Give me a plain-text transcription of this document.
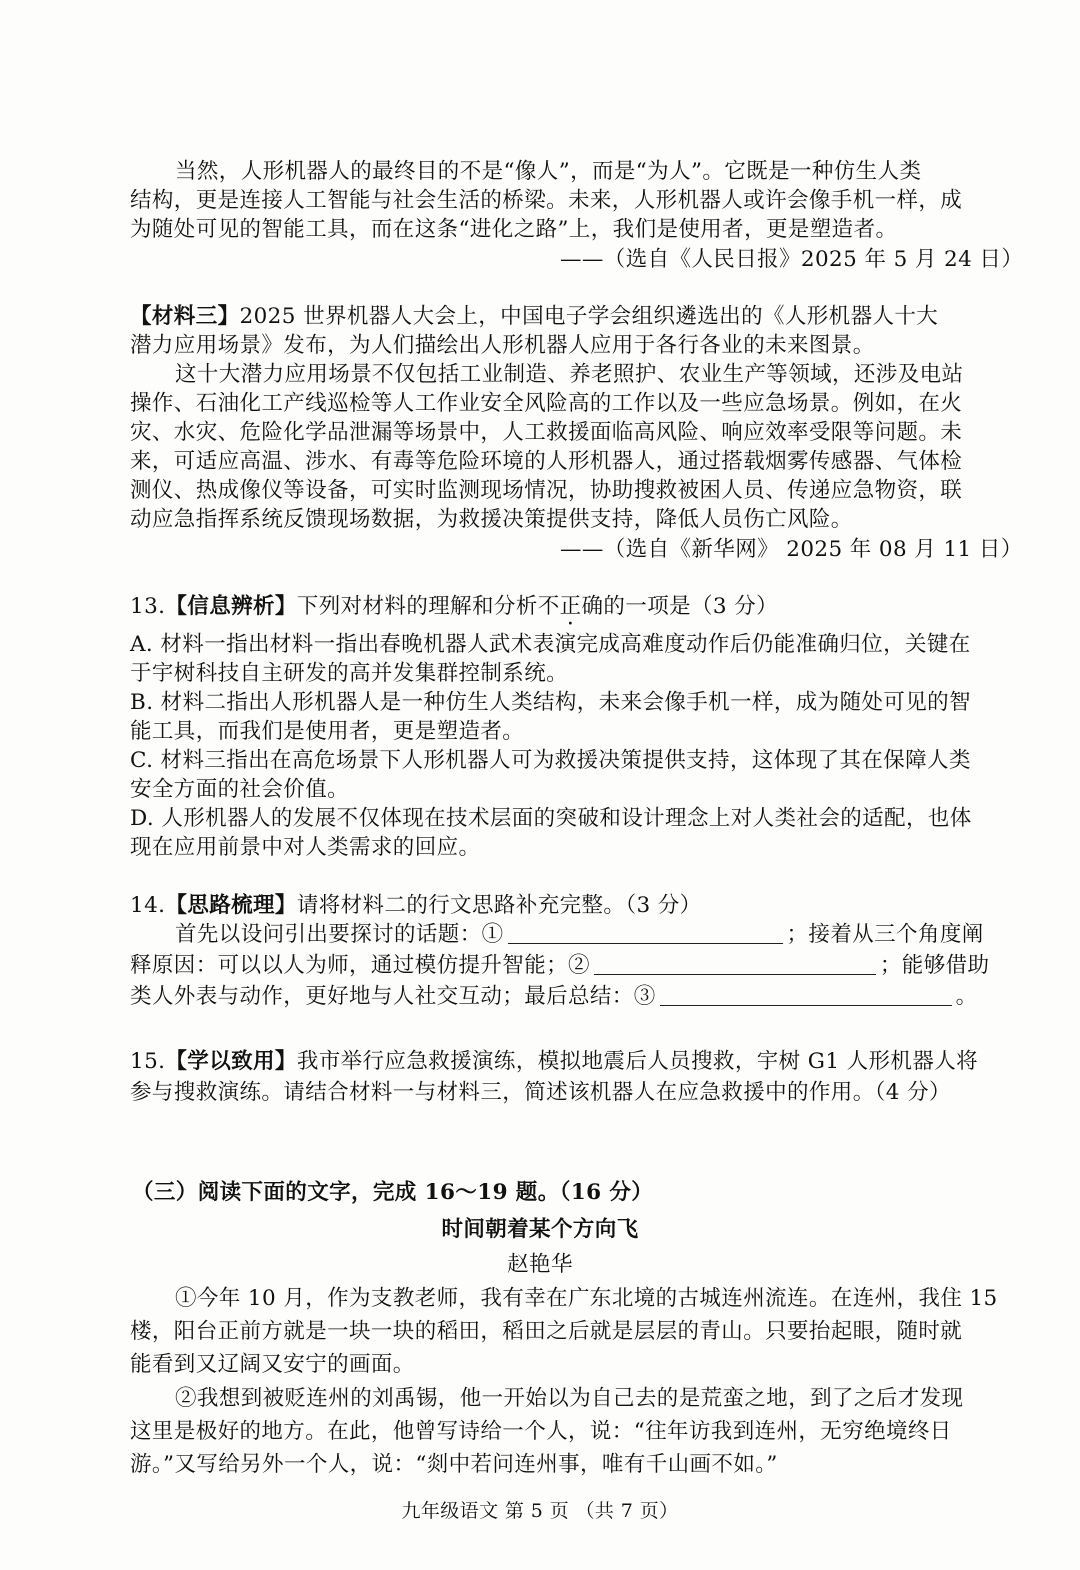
当然，人形机器人的最终目的不是“像人”，而是“为人”。它既是一种仿生人类
结构，更是连接人工智能与社会生活的桥梁。未来，人形机器人或许会像手机一样，成
为随处可见的智能工具，而在这条“进化之路”上，我们是使用者，更是塑造者。
——（选自《人民日报》2025 年 5 月 24 日）
【材料三】2025 世界机器人大会上，中国电子学会组织遴选出的《人形机器人十大
潜力应用场景》发布，为人们描绘出人形机器人应用于各行各业的未来图景。
这十大潜力应用场景不仅包括工业制造、养老照护、农业生产等领域，还涉及电站
操作、石油化工产线巡检等人工作业安全风险高的工作以及一些应急场景。例如，在火
灾、水灾、危险化学品泄漏等场景中，人工救援面临高风险、响应效率受限等问题。未
来，可适应高温、涉水、有毒等危险环境的人形机器人，通过搭载烟雾传感器、气体检
测仪、热成像仪等设备，可实时监测现场情况，协助搜救被困人员、传递应急物资，联
动应急指挥系统反馈现场数据，为救援决策提供支持，降低人员伤亡风险。
——（选自《新华网》 2025 年 08 月 11 日）
13.【信息辨析】下列对材料的理解和分析不正确的一项是（3 分）
A. 材料一指出材料一指出春晚机器人武术表演完成高难度动作后仍能准确归位，关键在
于宇树科技自主研发的高并发集群控制系统。
B. 材料二指出人形机器人是一种仿生人类结构，未来会像手机一样，成为随处可见的智
能工具，而我们是使用者，更是塑造者。
C. 材料三指出在高危场景下人形机器人可为救援决策提供支持，这体现了其在保障人类
安全方面的社会价值。
D. 人形机器人的发展不仅体现在技术层面的突破和设计理念上对人类社会的适配，也体
现在应用前景中对人类需求的回应。
14.【思路梳理】请将材料二的行文思路补充完整。（3 分）
首先以设问引出要探讨的话题：①	；接着从三个角度阐
释原因：可以以人为师，通过模仿提升智能；②	；能够借助
类人外表与动作，更好地与人社交互动；最后总结：③	。
15.【学以致用】我市举行应急救援演练，模拟地震后人员搜救，宇树 G1 人形机器人将
参与搜救演练。请结合材料一与材料三，简述该机器人在应急救援中的作用。（4 分）
（三）阅读下面的文字，完成 16～19 题。（16 分）
时间朝着某个方向飞
赵艳华
①今年 10 月，作为支教老师，我有幸在广东北境的古城连州流连。在连州，我住 15
楼，阳台正前方就是一块一块的稻田，稻田之后就是层层的青山。只要抬起眼，随时就
能看到又辽阔又安宁的画面。
②我想到被贬连州的刘禹锡，他一开始以为自己去的是荒蛮之地，到了之后才发现
这里是极好的地方。在此，他曾写诗给一个人，说：“往年访我到连州，无穷绝境终日
游。”又写给另外一个人，说：“剡中若问连州事，唯有千山画不如。”
九年级语文 第 5 页 （共 7 页）
